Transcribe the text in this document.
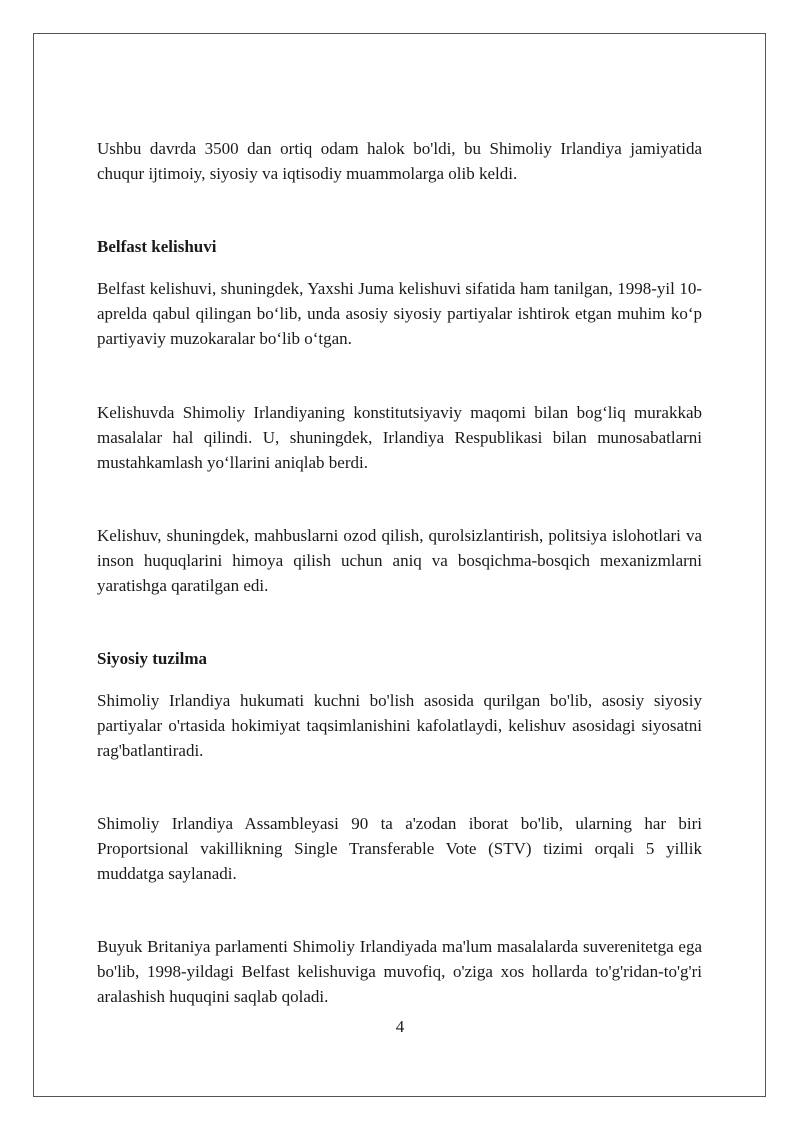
Ushbu davrda 3500 dan ortiq odam halok bo'ldi, bu Shimoliy Irlandiya jamiyatida chuqur ijtimoiy, siyosiy va iqtisodiy muammolarga olib keldi.

Belfast kelishuvi

Belfast kelishuvi, shuningdek, Yaxshi Juma kelishuvi sifatida ham tanilgan, 1998-yil 10-aprelda qabul qilingan bo‘lib, unda asosiy siyosiy partiyalar ishtirok etgan muhim ko‘p partiyaviy muzokaralar bo‘lib o‘tgan.

Kelishuvda Shimoliy Irlandiyaning konstitutsiyaviy maqomi bilan bog‘liq murakkab masalalar hal qilindi. U, shuningdek, Irlandiya Respublikasi bilan munosabatlarni mustahkamlash yo‘llarini aniqlab berdi.

Kelishuv, shuningdek, mahbuslarni ozod qilish, qurolsizlantirish, politsiya islohotlari va inson huquqlarini himoya qilish uchun aniq va bosqichma-bosqich mexanizmlarni yaratishga qaratilgan edi.

Siyosiy tuzilma

Shimoliy Irlandiya hukumati kuchni bo'lish asosida qurilgan bo'lib, asosiy siyosiy partiyalar o'rtasida hokimiyat taqsimlanishini kafolatlaydi, kelishuv asosidagi siyosatni rag'batlantiradi.

Shimoliy Irlandiya Assambleyasi 90 ta a'zodan iborat bo'lib, ularning har biri Proportsional vakillikning Single Transferable Vote (STV) tizimi orqali 5 yillik muddatga saylanadi.

Buyuk Britaniya parlamenti Shimoliy Irlandiyada ma'lum masalalarda suverenitetga ega bo'lib, 1998-yildagi Belfast kelishuviga muvofiq, o'ziga xos hollarda to'g'ridan-to'g'ri aralashish huquqini saqlab qoladi.

4
